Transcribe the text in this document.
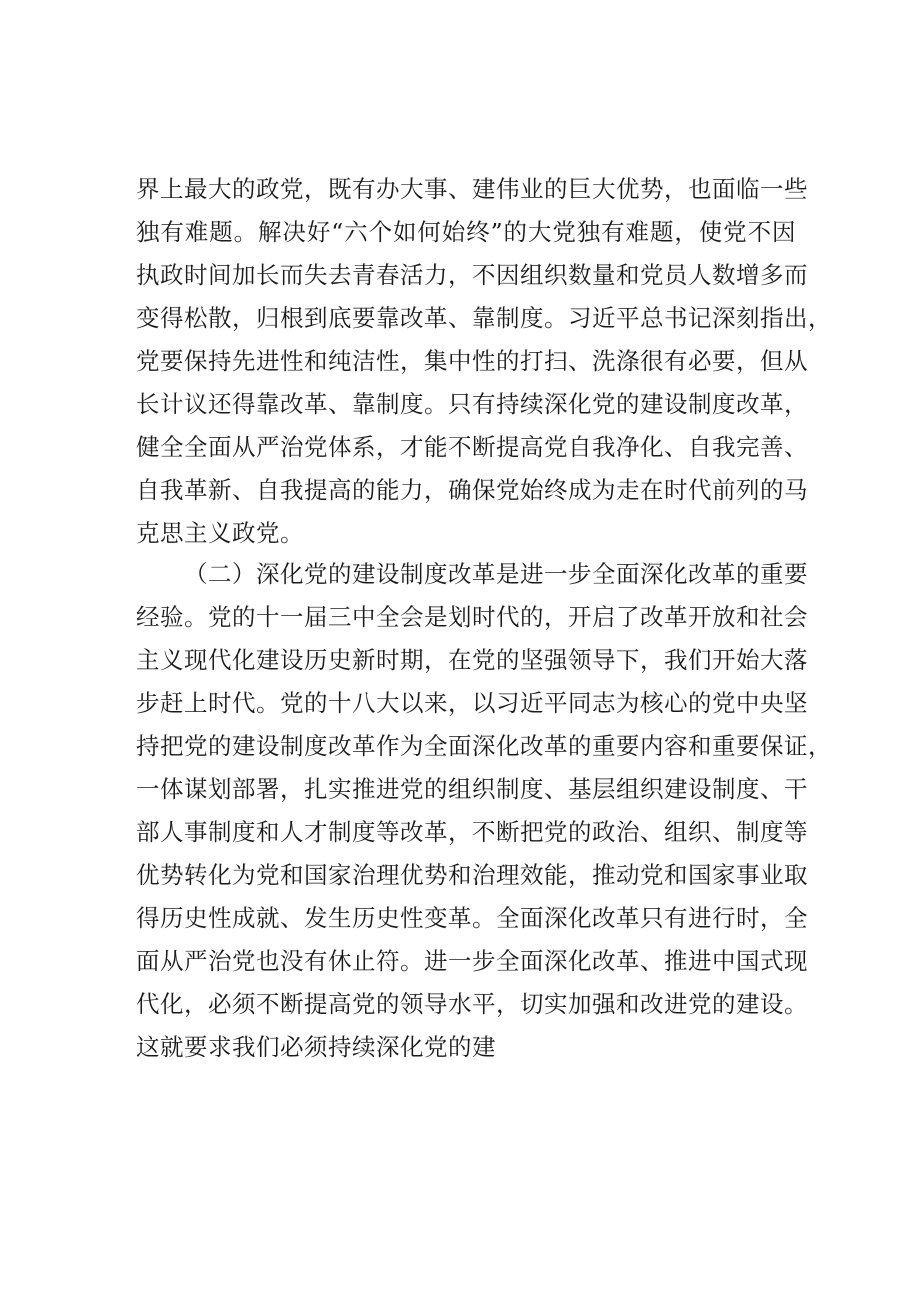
界上最大的政党，既有办大事、建伟业的巨大优势，也面临一些
独有难题。解决好“六个如何始终”的大党独有难题，使党不因
执政时间加长而失去青春活力，不因组织数量和党员人数增多而
变得松散，归根到底要靠改革、靠制度。习近平总书记深刻指出，
党要保持先进性和纯洁性，集中性的打扫、洗涤很有必要，但从
长计议还得靠改革、靠制度。只有持续深化党的建设制度改革，
健全全面从严治党体系，才能不断提高党自我净化、自我完善、
自我革新、自我提高的能力，确保党始终成为走在时代前列的马
克思主义政党。
（二）深化党的建设制度改革是进一步全面深化改革的重要
经验。党的十一届三中全会是划时代的，开启了改革开放和社会
主义现代化建设历史新时期，在党的坚强领导下，我们开始大落
步赶上时代。党的十八大以来，以习近平同志为核心的党中央坚
持把党的建设制度改革作为全面深化改革的重要内容和重要保证，
一体谋划部署，扎实推进党的组织制度、基层组织建设制度、干
部人事制度和人才制度等改革，不断把党的政治、组织、制度等
优势转化为党和国家治理优势和治理效能，推动党和国家事业取
得历史性成就、发生历史性变革。全面深化改革只有进行时，全
面从严治党也没有休止符。进一步全面深化改革、推进中国式现
代化，必须不断提高党的领导水平，切实加强和改进党的建设。
这就要求我们必须持续深化党的建
